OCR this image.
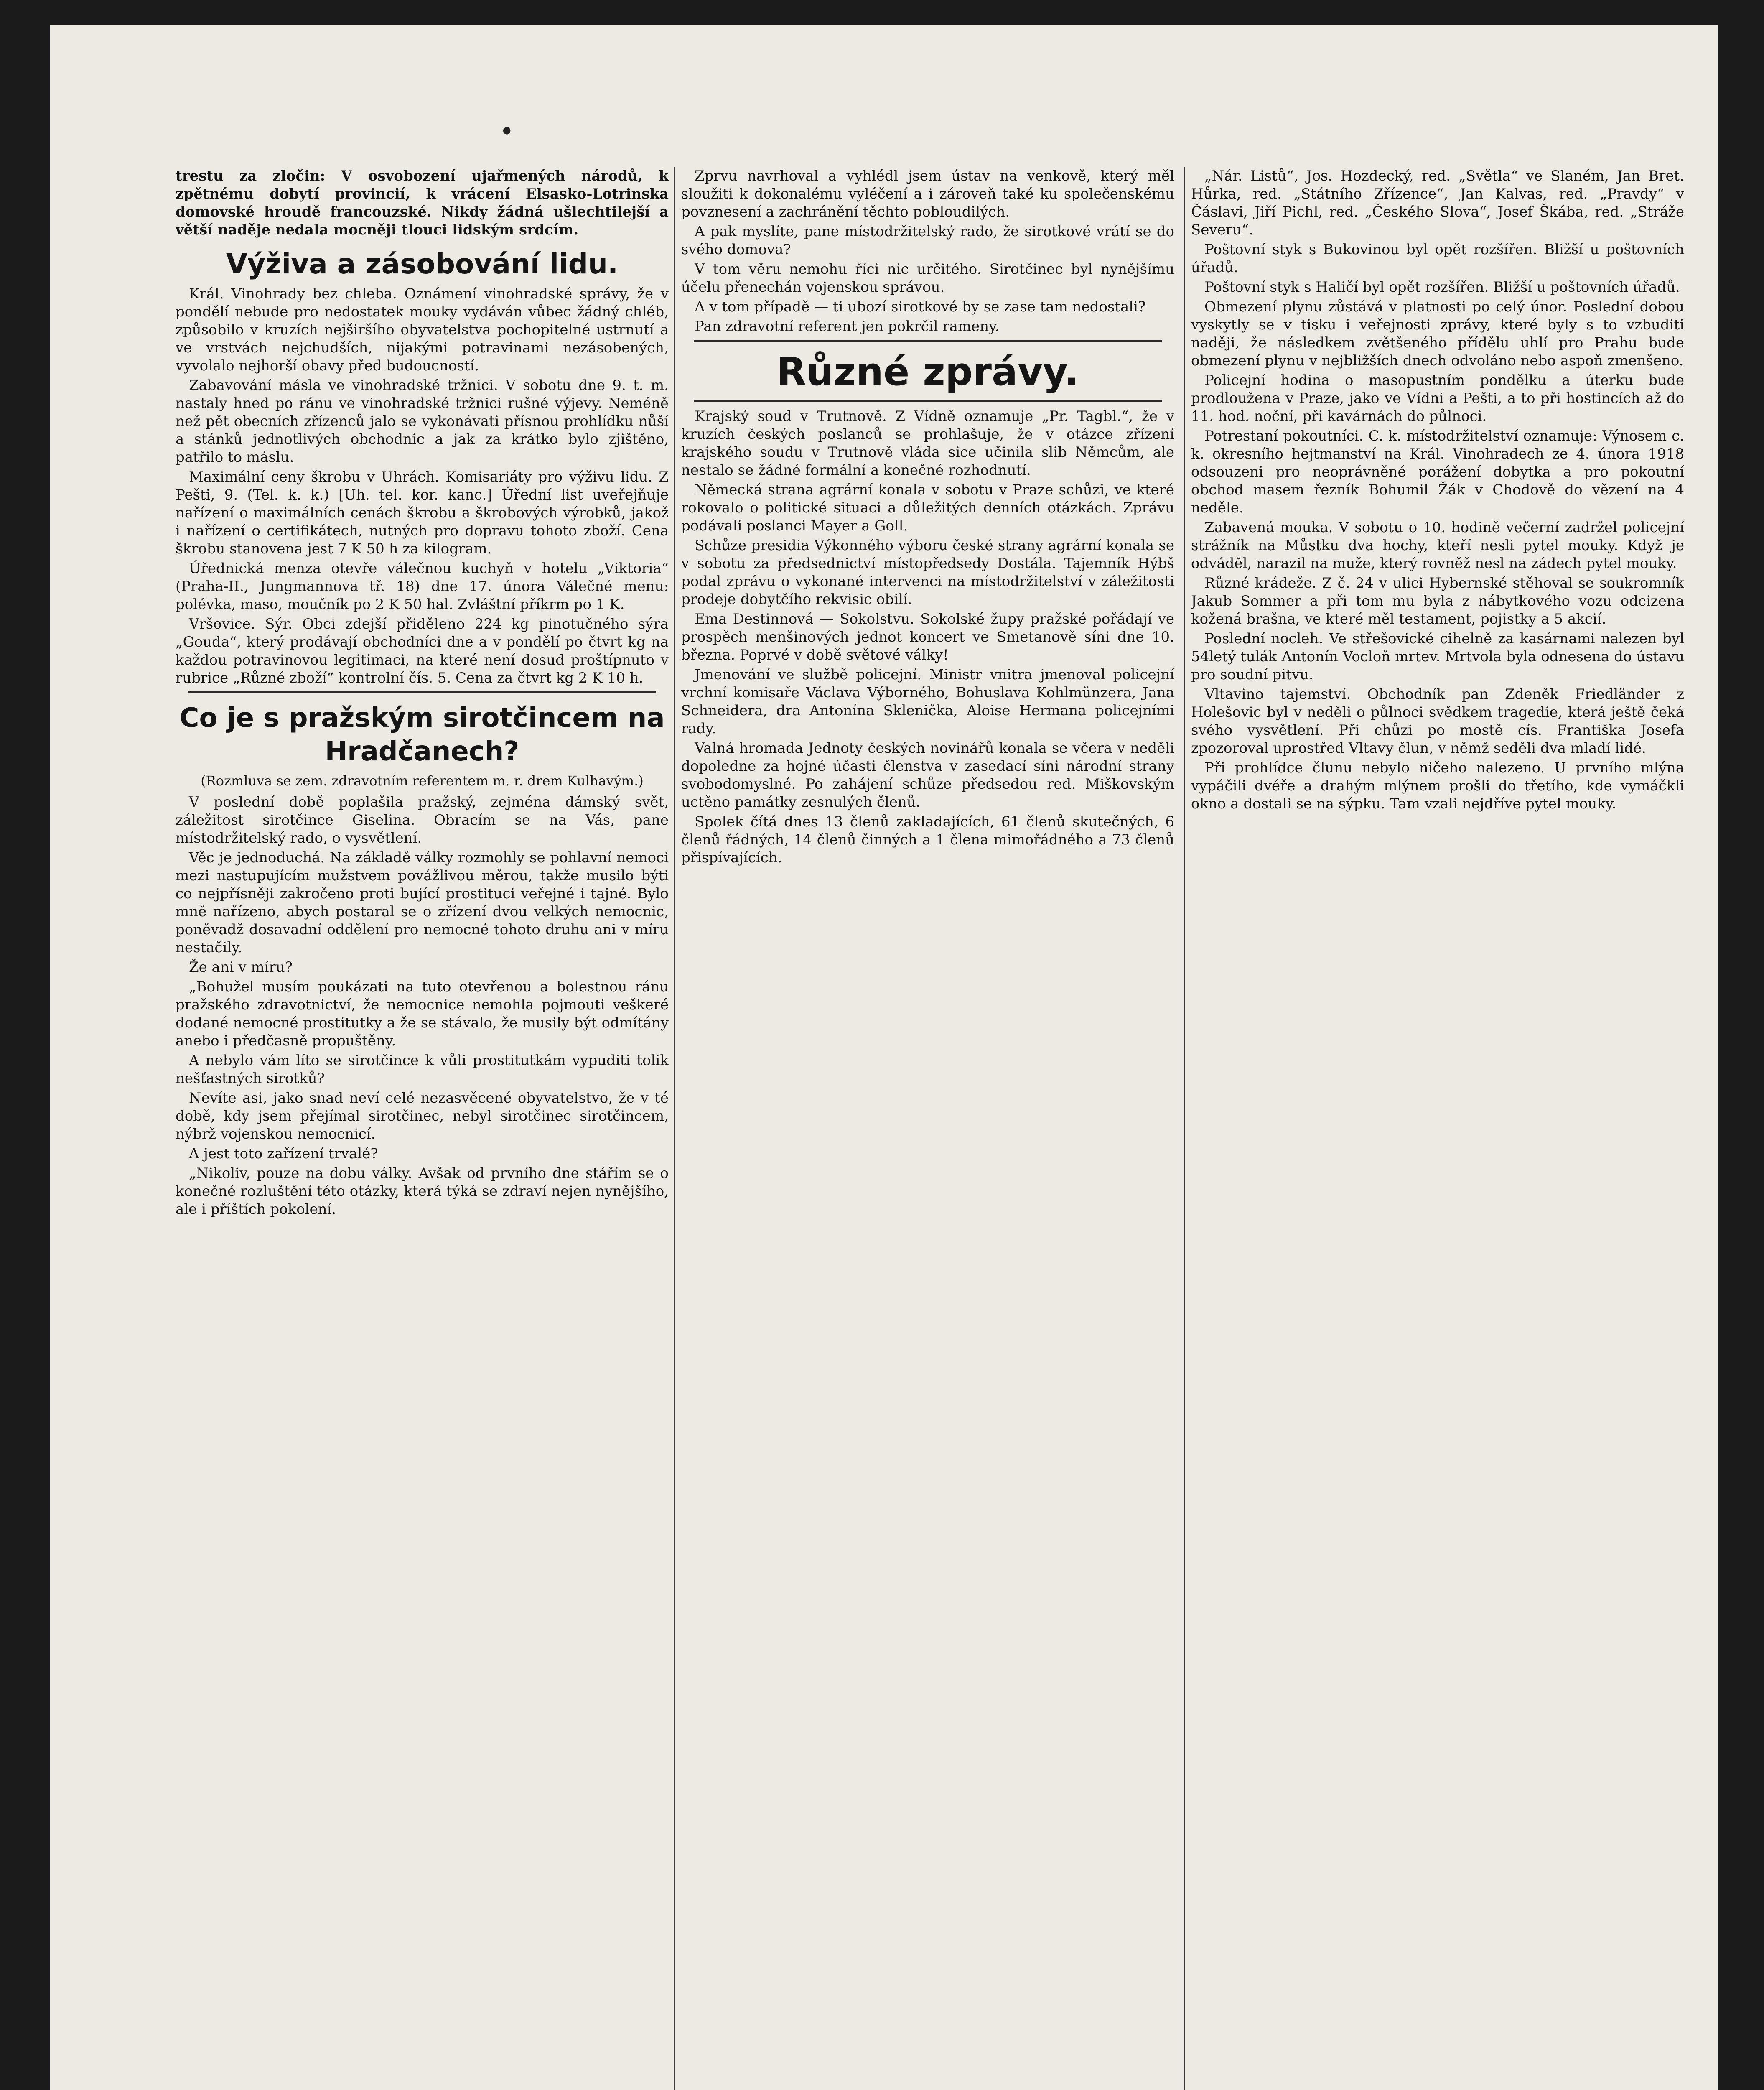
•

trestu za zločin: V osvobození ujařmených národů, k zpětnému dobytí provincií, k vrácení Elsasko-Lotrinska domovské hroudě francouzské. Nikdy žádná ušlechtilejší a větší naděje nedala mocněji tlouci lidským srdcím.

Výživa a zásobování lidu.

Král. Vinohrady bez chleba. Oznámení vinohradské správy, že v pondělí nebude pro nedostatek mouky vydáván vůbec žádný chléb, způsobilo v kruzích nejširšího obyvatelstva pochopitelné ustrnutí a ve vrstvách nejchudších, nijakými potravinami nezásobených, vyvolalo nejhorší obavy před budoucností.

Zabavování másla ve vinohradské tržnici. V sobotu dne 9. t. m. nastaly hned po ránu ve vinohradské tržnici rušné výjevy. Neméně než pět obecních zřízenců jalo se vykonávati přísnou prohlídku nůší a stánků jednotlivých obchodnic a jak za krátko bylo zjištěno, patřilo to máslu.

Maximální ceny škrobu v Uhrách. Komisariáty pro výživu lidu. Z Pešti, 9. (Tel. k. k.) [Uh. tel. kor. kanc.] Úřední list uveřejňuje nařízení o maximálních cenách škrobu a škrobových výrobků, jakož i nařízení o certifikátech, nutných pro dopravu tohoto zboží. Cena škrobu stanovena jest 7 K 50 h za kilogram.

Úřednická menza otevře válečnou kuchyň v hotelu „Viktoria“ (Praha-II., Jungmannova tř. 18) dne 17. února Válečné menu: polévka, maso, moučník po 2 K 50 hal. Zvláštní příkrm po 1 K.

Vršovice. Sýr. Obci zdejší přiděleno 224 kg pinotučného sýra „Gouda“, který prodávají obchodníci dne a v pondělí po čtvrt kg na každou potravinovou legitimaci, na které není dosud proštípnuto v rubrice „Různé zboží“ kontrolní čís. 5. Cena za čtvrt kg 2 K 10 h.

Co je s pražským sirotčincem na Hradčanech?
(Rozmluva se zem. zdravotním referentem m. r. drem Kulhavým.)

V poslední době poplašila pražský, zejména dámský svět, záležitost sirotčince Giselina. Obracím se na Vás, pane místodržitelský rado, o vysvětlení.

Věc je jednoduchá. Na základě války rozmohly se pohlavní nemoci mezi nastupujícím mužstvem povážlivou měrou, takže musilo býti co nejpřísněji zakročeno proti bující prostituci veřejné i tajné. Bylo mně nařízeno, abych postaral se o zřízení dvou velkých nemocnic, poněvadž dosavadní oddělení pro nemocné tohoto druhu ani v míru nestačily.

Že ani v míru?

„Bohužel musím poukázati na tuto otevřenou a bolestnou ránu pražského zdravotnictví, že nemocnice nemohla pojmouti veškeré dodané nemocné prostitutky a že se stávalo, že musily být odmítány anebo i předčasně propuštěny.

A nebylo vám líto se sirotčince k vůli prostitutkám vypuditi tolik nešťastných sirotků?

Nevíte asi, jako snad neví celé nezasvěcené obyvatelstvo, že v té době, kdy jsem přejímal sirotčinec, nebyl sirotčinec sirotčincem, nýbrž vojenskou nemocnicí.

A jest toto zařízení trvalé?

„Nikoliv, pouze na dobu války. Avšak od prvního dne stářím se o konečné rozluštění této otázky, která týká se zdraví nejen nynějšího, ale i příštích pokolení.

Zprvu navrhoval a vyhlédl jsem ústav na venkově, který měl sloužiti k dokonalému vyléčení a i zároveň také ku společenskému povznesení a zachránění těchto pobloudilých.

A pak myslíte, pane místodržitelský rado, že sirotkové vrátí se do svého domova?

V tom věru nemohu říci nic určitého. Sirotčinec byl nynějšímu účelu přenechán vojenskou správou.

A v tom případě — ti ubozí sirotkové by se zase tam nedostali?

Pan zdravotní referent jen pokrčil rameny.

Různé zprávy.

Krajský soud v Trutnově. Z Vídně oznamuje „Pr. Tagbl.“, že v kruzích českých poslanců se prohlašuje, že v otázce zřízení krajského soudu v Trutnově vláda sice učinila slib Němcům, ale nestalo se žádné formální a konečné rozhodnutí.

Německá strana agrární konala v sobotu v Praze schůzi, ve které rokovalo o politické situaci a důležitých denních otázkách. Zprávu podávali poslanci Mayer a Goll.

Schůze presidia Výkonného výboru české strany agrární konala se v sobotu za předsednictví místopředsedy Dostála. Tajemník Hýbš podal zprávu o vykonané intervenci na místodržitelství v záležitosti prodeje dobytčího rekvisic obilí.

Ema Destinnová — Sokolstvu. Sokolské župy pražské pořádají ve prospěch menšinových jednot koncert ve Smetanově síni dne 10. března. Poprvé v době světové války!

Jmenování ve službě policejní. Ministr vnitra jmenoval policejní vrchní komisaře Václava Výborného, Bohuslava Kohlmünzera, Jana Schneidera, dra Antonína Sklenička, Aloise Hermana policejními rady.

Valná hromada Jednoty českých novinářů konala se včera v neděli dopoledne za hojné účasti členstva v zasedací síni národní strany svobodomyslné. Po zahájení schůze předsedou red. Miškovským uctěno památky zesnulých členů.

Spolek čítá dnes 13 členů zakladajících, 61 členů skutečných, 6 členů řádných, 14 členů činných a 1 člena mimořádného a 73 členů přispívajících.

„Nár. Listů“, Jos. Hozdecký, red. „Světla“ ve Slaném, Jan Bret. Hůrka, red. „Státního Zřízence“, Jan Kalvas, red. „Pravdy“ v Čáslavi, Jiří Pichl, red. „Českého Slova“, Josef Škába, red. „Stráže Severu“.

Poštovní styk s Bukovinou byl opět rozšířen. Bližší u poštovních úřadů.

Poštovní styk s Haličí byl opět rozšířen. Bližší u poštovních úřadů.

Obmezení plynu zůstává v platnosti po celý únor. Poslední dobou vyskytly se v tisku i veřejnosti zprávy, které byly s to vzbuditi naději, že následkem zvětšeného přídělu uhlí pro Prahu bude obmezení plynu v nejbližších dnech odvoláno nebo aspoň zmenšeno.

Policejní hodina o masopustním pondělku a úterku bude prodloužena v Praze, jako ve Vídni a Pešti, a to při hostincích až do 11. hod. noční, při kavárnách do půlnoci.

Potrestaní pokoutníci. C. k. místodržitelství oznamuje: Výnosem c. k. okresního hejtmanství na Král. Vinohradech ze 4. února 1918 odsouzeni pro neoprávněné porážení dobytka a pro pokoutní obchod masem řezník Bohumil Žák v Chodově do vězení na 4 neděle.

Zabavená mouka. V sobotu o 10. hodině večerní zadržel policejní strážník na Můstku dva hochy, kteří nesli pytel mouky. Když je odváděl, narazil na muže, který rovněž nesl na zádech pytel mouky.

Různé krádeže. Z č. 24 v ulici Hybernské stěhoval se soukromník Jakub Sommer a při tom mu byla z nábytkového vozu odcizena kožená brašna, ve které měl testament, pojistky a 5 akcií.

Poslední nocleh. Ve střešovické cihelně za kasárnami nalezen byl 54letý tulák Antonín Vocloň mrtev. Mrtvola byla odnesena do ústavu pro soudní pitvu.

Vltavino tajemství. Obchodník pan Zdeněk Friedländer z Holešovic byl v neděli o půlnoci svědkem tragedie, která ještě čeká svého vysvětlení. Při chůzi po mostě cís. Františka Josefa zpozoroval uprostřed Vltavy člun, v němž seděli dva mladí lidé.

Při prohlídce člunu nebylo ničeho nalezeno. U prvního mlýna vypáčili dvéře a drahým mlýnem prošli do třetího, kde vymáčkli okno a dostali se na sýpku. Tam vzali nejdříve pytel mouky.
